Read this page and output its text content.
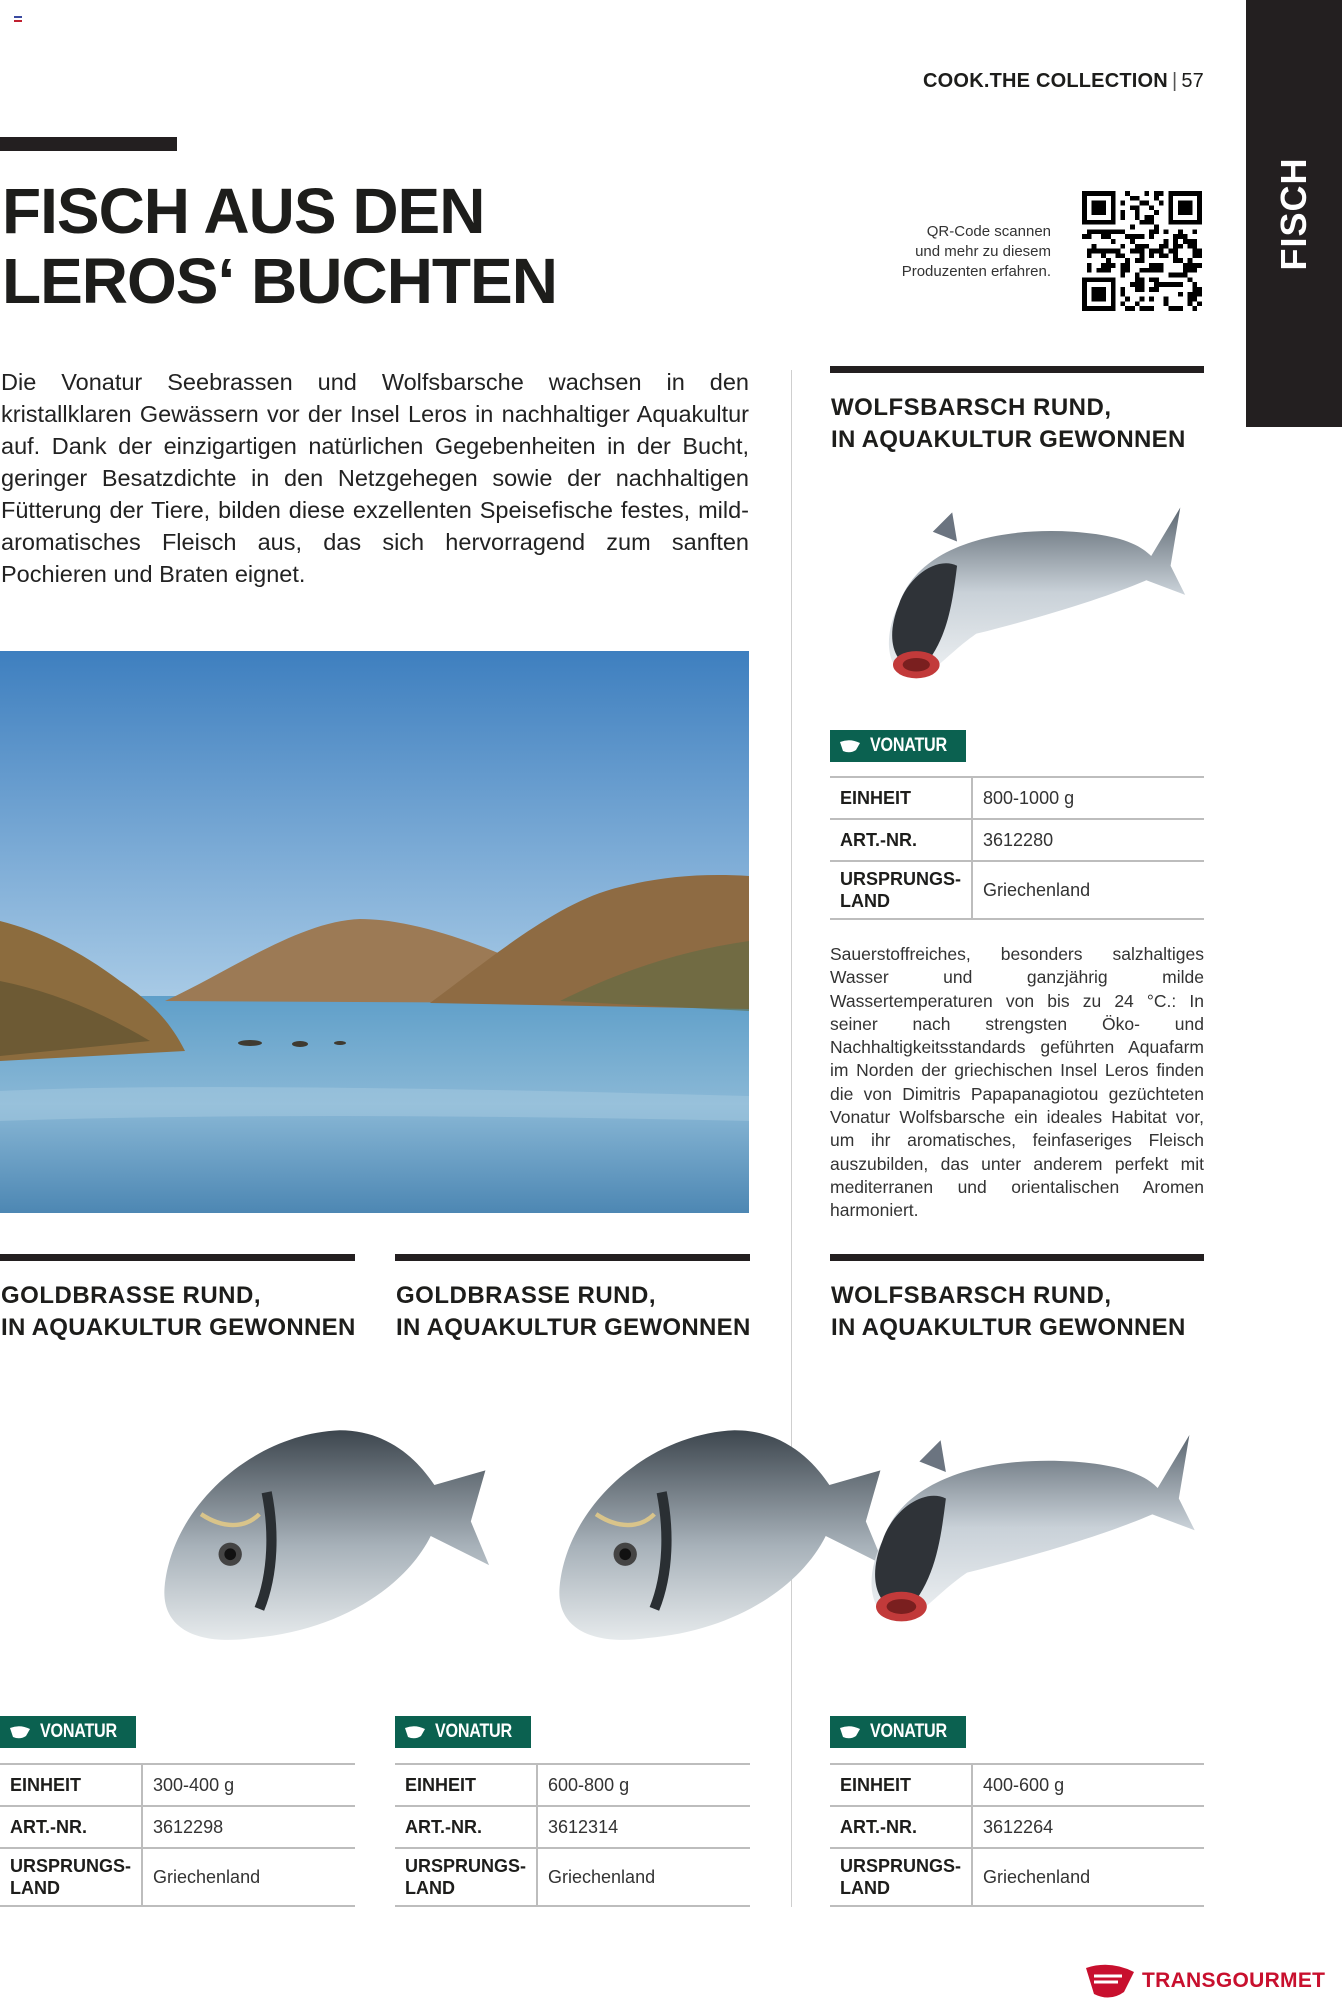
COOK.THE COLLECTION | 57
FISCH
FISCH AUS DEN
LEROS‘ BUCHTEN
QR-Code scannen
und mehr zu diesem
Produzenten erfahren.

Die Vonatur Seebrassen und Wolfsbarsche wachsen in den kristallklaren Gewässern vor der Insel Leros in nachhaltiger Aquakultur auf. Dank der einzigartigen natürlichen Gegebenheiten in der Bucht, geringer Besatzdichte in den Netzgehegen sowie der nachhaltigen Fütterung der Tiere, bilden diese exzellenten Speisefische festes, mild-aromatisches Fleisch aus, das sich hervorragend zum sanften Pochieren und Braten eignet.

WOLFSBARSCH RUND,
IN AQUAKULTUR GEWONNEN
VONATUR
EINHEIT	800-1000 g
ART.-NR.	3612280
URSPRUNGS-
LAND	Griechenland

Sauerstoffreiches, besonders salzhaltiges Wasser und ganzjährig milde Wassertemperaturen von bis zu 24 °C.: In seiner nach strengsten Öko- und Nachhaltigkeitsstandards geführten Aquafarm im Norden der griechischen Insel Leros finden die von Dimitris Papapanagiotou gezüchteten Vonatur Wolfsbarsche ein ideales Habitat vor, um ihr aromatisches, feinfaseriges Fleisch auszubilden, das unter anderem perfekt mit mediterranen und orientalischen Aromen harmoniert.

GOLDBRASSE RUND,
IN AQUAKULTUR GEWONNEN
VONATUR
EINHEIT	300-400 g
ART.-NR.	3612298
URSPRUNGS-
LAND	Griechenland
GOLDBRASSE RUND,
IN AQUAKULTUR GEWONNEN
VONATUR
EINHEIT	600-800 g
ART.-NR.	3612314
URSPRUNGS-
LAND	Griechenland
WOLFSBARSCH RUND,
IN AQUAKULTUR GEWONNEN
VONATUR
EINHEIT	400-600 g
ART.-NR.	3612264
URSPRUNGS-
LAND	Griechenland
TRANSGOURMET
